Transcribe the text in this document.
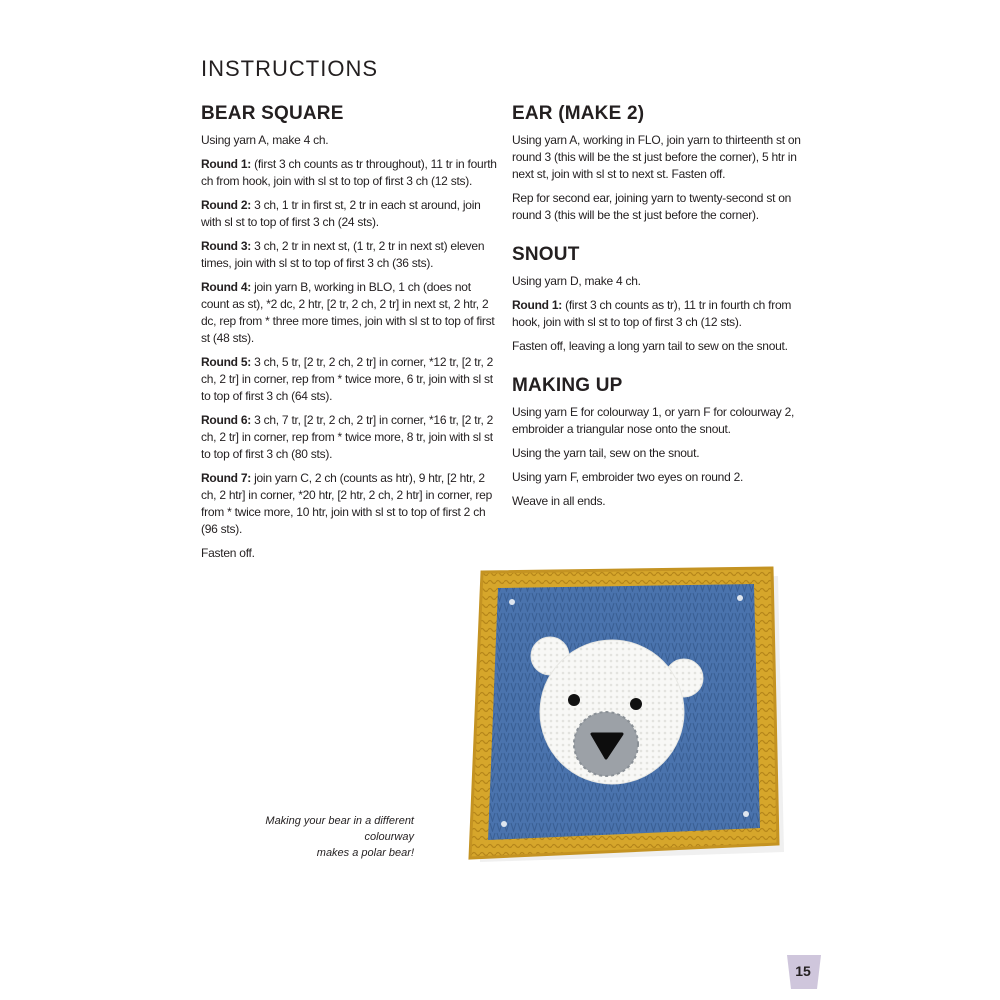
INSTRUCTIONS
BEAR SQUARE

Using yarn A, make 4 ch.

Round 1: (first 3 ch counts as tr throughout), 11 tr in fourth ch from hook, join with sl st to top of first 3 ch (12 sts).

Round 2: 3 ch, 1 tr in first st, 2 tr in each st around, join with sl st to top of first 3 ch (24 sts).

Round 3: 3 ch, 2 tr in next st, (1 tr, 2 tr in next st) eleven times, join with sl st to top of first 3 ch (36 sts).

Round 4: join yarn B, working in BLO, 1 ch (does not count as st), *2 dc, 2 htr, [2 tr, 2 ch, 2 tr] in next st, 2 htr, 2 dc, rep from * three more times, join with sl st to top of first st (48 sts).

Round 5: 3 ch, 5 tr, [2 tr, 2 ch, 2 tr] in corner, *12 tr, [2 tr, 2 ch, 2 tr] in corner, rep from * twice more, 6 tr, join with sl st to top of first 3 ch (64 sts).

Round 6: 3 ch, 7 tr, [2 tr, 2 ch, 2 tr] in corner, *16 tr, [2 tr, 2 ch, 2 tr] in corner, rep from * twice more, 8 tr, join with sl st to top of first 3 ch (80 sts).

Round 7: join yarn C, 2 ch (counts as htr), 9 htr, [2 htr, 2 ch, 2 htr] in corner, *20 htr, [2 htr, 2 ch, 2 htr] in corner, rep from * twice more, 10 htr, join with sl st to top of first 2 ch (96 sts).

Fasten off.

EAR (MAKE 2)

Using yarn A, working in FLO, join yarn to thirteenth st on round 3 (this will be the st just before the corner), 5 htr in next st, join with sl st to next st. Fasten off.

Rep for second ear, joining yarn to twenty-second st on round 3 (this will be the st just before the corner).

SNOUT

Using yarn D, make 4 ch.

Round 1: (first 3 ch counts as tr), 11 tr in fourth ch from hook, join with sl st to top of first 3 ch (12 sts).

Fasten off, leaving a long yarn tail to sew on the snout.

MAKING UP

Using yarn E for colourway 1, or yarn F for colourway 2, embroider a triangular nose onto the snout.

Using the yarn tail, sew on the snout.

Using yarn F, embroider two eyes on round 2.

Weave in all ends.

Making your bear in a different colourway
makes a polar bear!
15
